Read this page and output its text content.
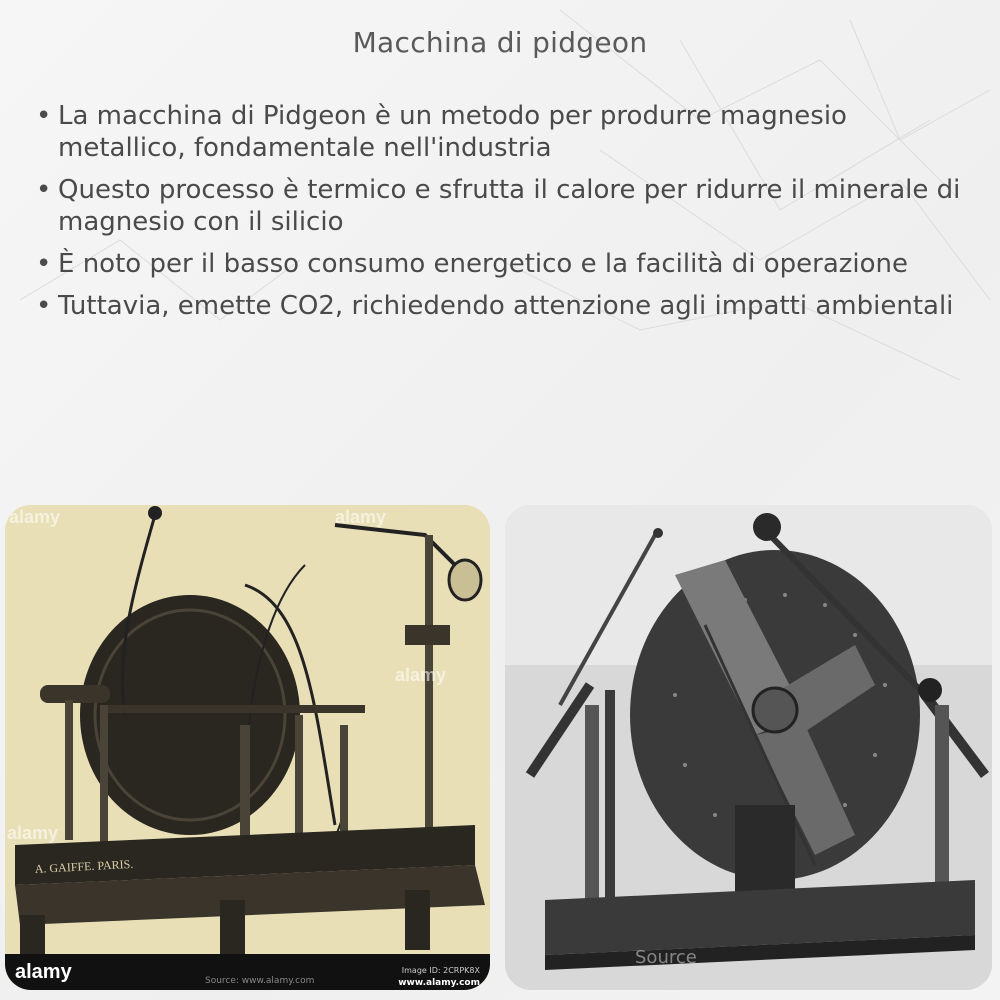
Macchina di pidgeon
• La macchina di Pidgeon è un metodo per produrre magnesio metallico, fondamentale nell'industria
• Questo processo è termico e sfrutta il calore per ridurre il minerale di magnesio con il silicio
• È noto per il basso consumo energetico e la facilità di operazione
• Tuttavia, emette CO2, richiedendo attenzione agli impatti ambientali
A. GAIFFE. PARIS.
alamy	alamy
alamy
alamy
alamy	Source: www.alamy.com
Image ID: 2CRPK8X
www.alamy.com
Source
